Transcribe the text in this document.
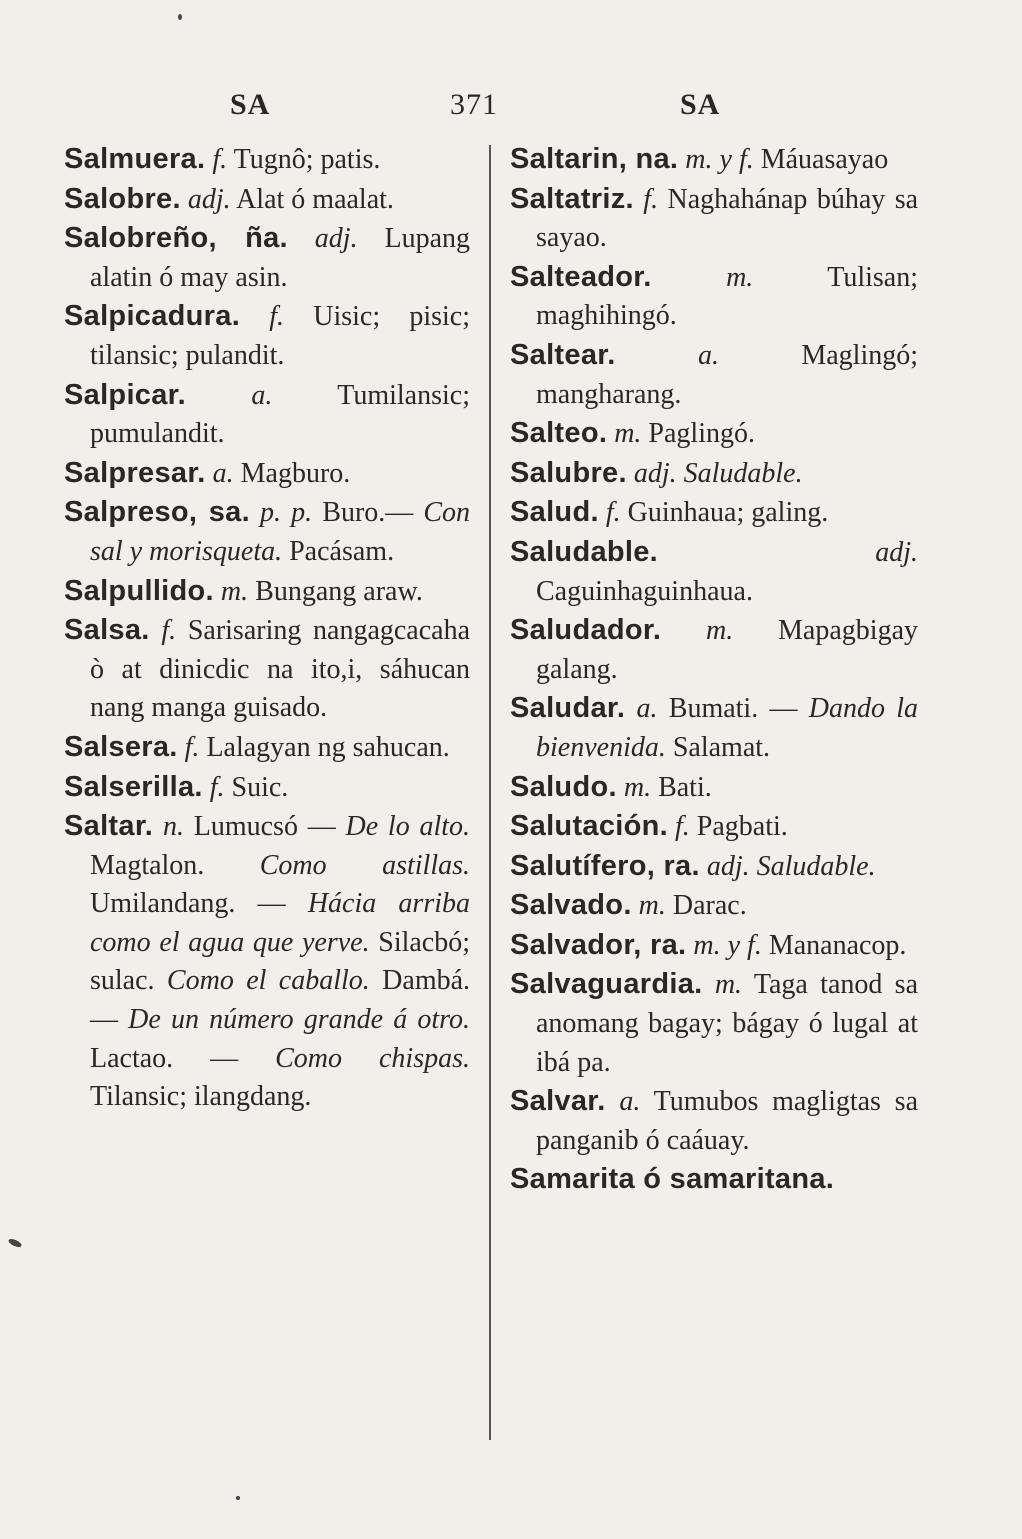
SA	371	SA

Salmuera. f. Tugnô; patis.

Salobre. adj. Alat ó maalat.

Salobreño, ña. adj. Lupang alatin ó may asin.

Salpicadura. f. Uisic; pisic; tilansic; pulandit.

Salpicar. a. Tumilansic; pumulandit.

Salpresar. a. Magburo.

Salpreso, sa. p. p. Buro.— Con sal y morisqueta. Pacásam.

Salpullido. m. Bungang araw.

Salsa. f. Sarisaring nangagcacaha ò at dinicdic na ito,i, sáhucan nang manga guisado.

Salsera. f. Lalagyan ng sahucan.

Salserilla. f. Suic.

Saltar. n. Lumucsó — De lo alto. Magtalon. Como astillas. Umilandang. — Hácia arriba como el agua que yerve. Silacbó; sulac. Como el caballo. Dambá. — De un número grande á otro. Lactao. — Como chispas. Tilansic; ilangdang.

Saltarin, na. m. y f. Máuasayao

Saltatriz. f. Naghahánap búhay sa sayao.

Salteador.	m.	Tulisan; maghihingó.

Saltear.	a.	Maglingó; mangharang.

Salteo. m. Paglingó.

Salubre. adj. Saludable.

Salud. f. Guinhaua; galing.

Saludable.	adj. Caguinhaguinhaua.

Saludador. m. Mapagbigay galang.

Saludar. a. Bumati. — Dando la bienvenida. Salamat.

Saludo. m. Bati.

Salutación. f. Pagbati.

Salutífero, ra. adj. Saludable.

Salvado. m. Darac.

Salvador, ra. m. y f. Mananacop.

Salvaguardia. m. Taga tanod sa anomang bagay; bágay ó lugal at ibá pa.

Salvar. a. Tumubos magligtas sa panganib ó caáuay.

Samarita ó samaritana.
